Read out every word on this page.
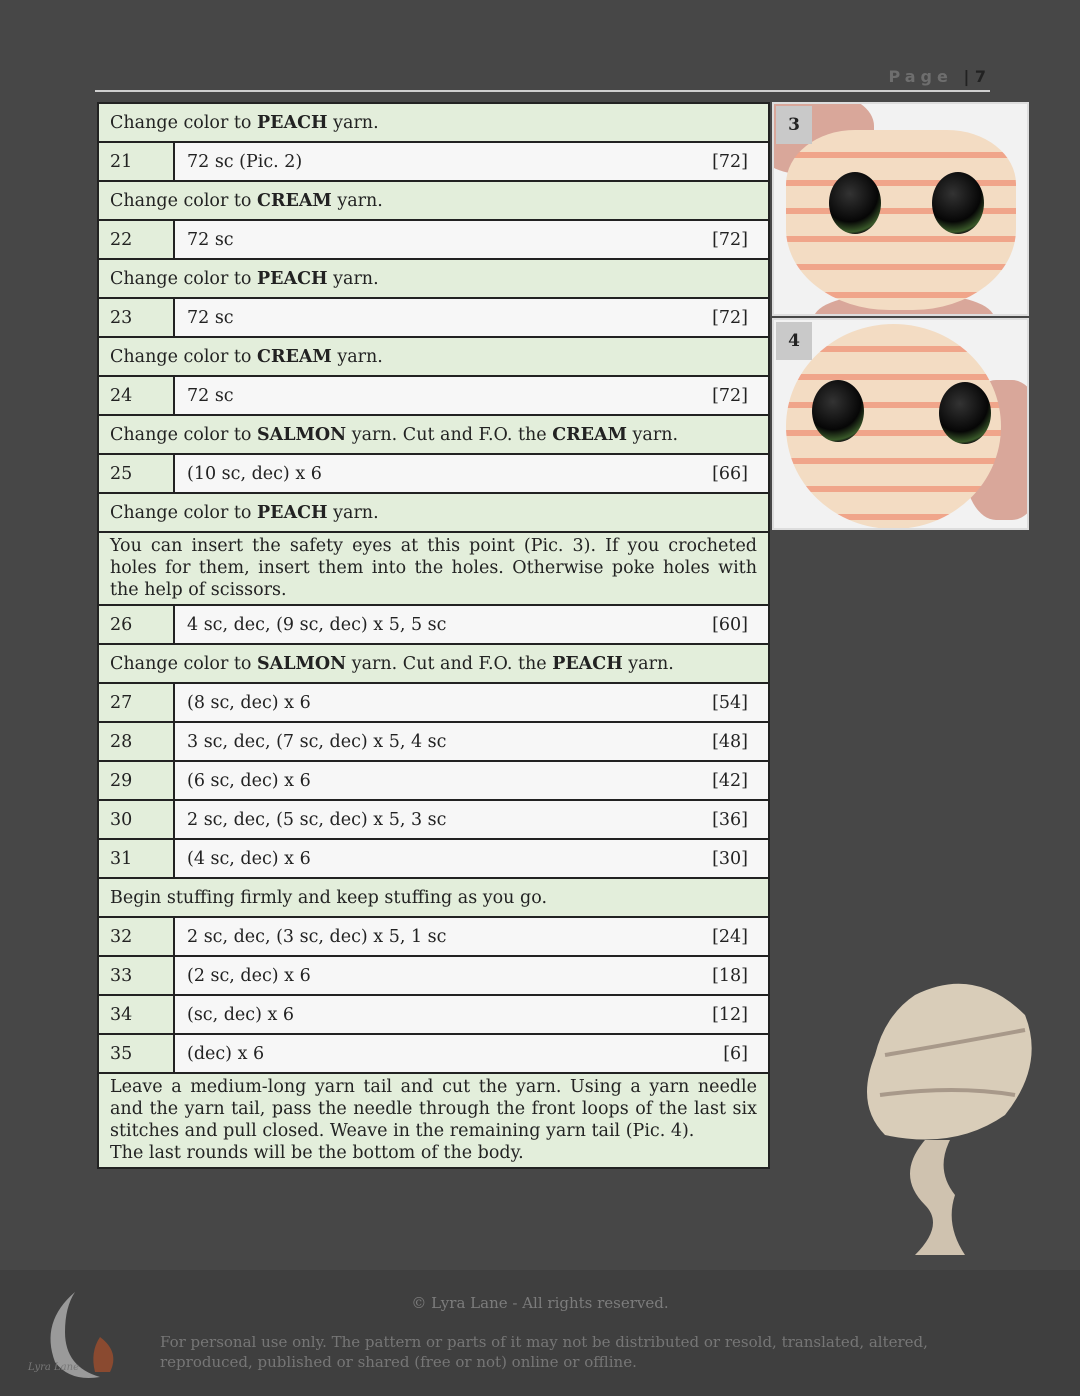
Page | 7
Change color to PEACH yarn.
21	72 sc (Pic. 2)	[72]
Change color to CREAM yarn.
22	72 sc	[72]
Change color to PEACH yarn.
23	72 sc	[72]
Change color to CREAM yarn.
24	72 sc	[72]
Change color to SALMON yarn. Cut and F.O. the CREAM yarn.
25	(10 sc, dec) x 6	[66]
Change color to PEACH yarn.
You can insert the safety eyes at this point (Pic. 3). If you crocheted holes for them, insert them into the holes. Otherwise poke holes with the help of scissors.
26	4 sc, dec, (9 sc, dec) x 5, 5 sc	[60]
Change color to SALMON yarn. Cut and F.O. the PEACH yarn.
27	(8 sc, dec) x 6	[54]
28	3 sc, dec, (7 sc, dec) x 5, 4 sc	[48]
29	(6 sc, dec) x 6	[42]
30	2 sc, dec, (5 sc, dec) x 5, 3 sc	[36]
31	(4 sc, dec) x 6	[30]
Begin stuffing firmly and keep stuffing as you go.
32	2 sc, dec, (3 sc, dec) x 5, 1 sc	[24]
33	(2 sc, dec) x 6	[18]
34	(sc, dec) x 6	[12]
35	(dec) x 6	[6]
Leave a medium-long yarn tail and cut the yarn. Using a yarn needle and the yarn tail, pass the needle through the front loops of the last six stitches and pull closed. Weave in the remaining yarn tail (Pic. 4).
The last rounds will be the bottom of the body.
3
4
Lyra Lane
© Lyra Lane - All rights reserved.
For personal use only. The pattern or parts of it may not be distributed or resold, translated, altered, reproduced, published or shared (free or not) online or offline.
